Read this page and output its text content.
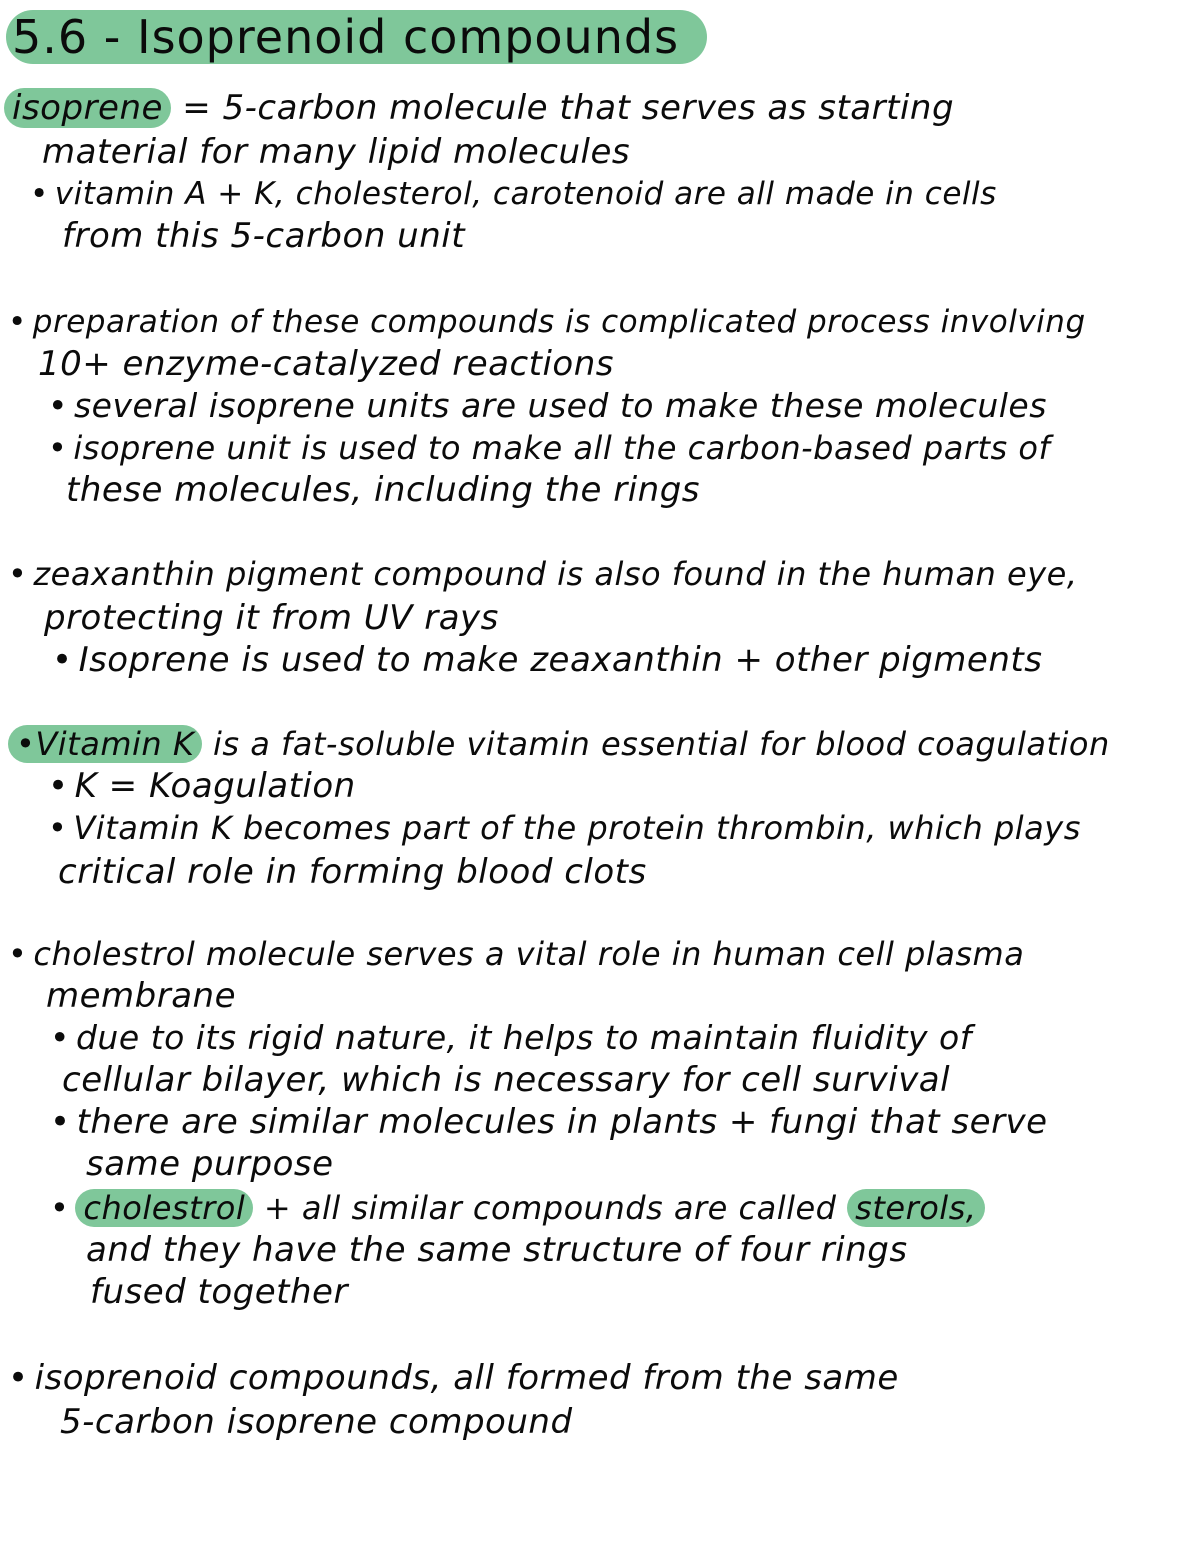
5.6 - Isoprenoid compounds
isoprene = 5-carbon molecule that serves as starting
material for many lipid molecules
• vitamin A + K, cholesterol, carotenoid are all made in cells
from this 5-carbon unit
• preparation of these compounds is complicated process involving
10+ enzyme-catalyzed reactions
• several isoprene units are used to make these molecules
• isoprene unit is used to make all the carbon-based parts of
these molecules, including the rings
• zeaxanthin pigment compound is also found in the human eye,
protecting it from UV rays
• Isoprene is used to make zeaxanthin + other pigments
•Vitamin K is a fat-soluble vitamin essential for blood coagulation
• K = Koagulation
• Vitamin K becomes part of the protein thrombin, which plays
critical role in forming blood clots
• cholestrol molecule serves a vital role in human cell plasma
membrane
• due to its rigid nature, it helps to maintain fluidity of
cellular bilayer, which is necessary for cell survival
• there are similar molecules in plants + fungi that serve
same purpose
• cholestrol + all similar compounds are called sterols,
and they have the same structure of four rings
fused together
• isoprenoid compounds, all formed from the same
5-carbon isoprene compound
